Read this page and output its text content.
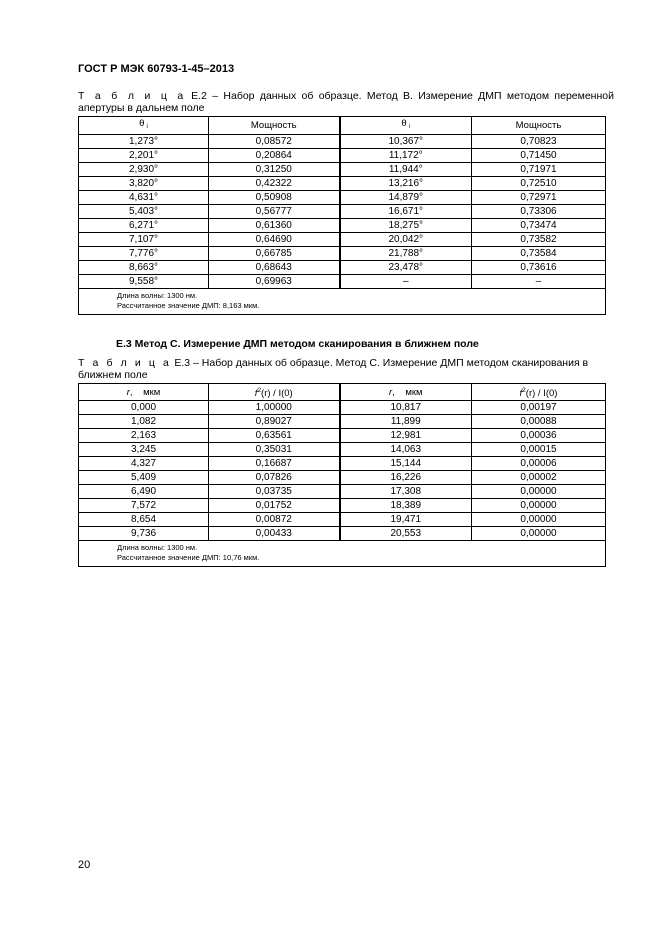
ГОСТ Р МЭК 60793-1-45–2013
Т а б л и ц а Е.2 – Набор данных об образце. Метод В. Измерение ДМП методом переменной апертуры в дальнем поле
θ $_i$	Мощность	θ $_i$	Мощность
1,273°	0,08572	10,367°	0,70823
2,201°	0,20864	11,172°	0,71450
2,930°	0,31250	11,944°	0,71971
3,820°	0,42322	13,216°	0,72510
4,631°	0,50908	14,879°	0,72971
5,403°	0,56777	16,671°	0,73306
6,271°	0,61360	18,275°	0,73474
7,107°	0,64690	20,042°	0,73582
7,776°	0,66785	21,788°	0,73584
8,663°	0,68643	23,478°	0,73616
9,558°	0,69963	–	–

Длина волны: 1300 нм.
Рассчитанное значение ДМП: 8,163 мкм.			
Е.3 Метод С. Измерение ДМП методом сканирования в ближнем поле
Т а б л и ц а Е.3 – Набор данных об образце. Метод С. Измерение ДМП методом сканирования в ближнем поле
r,    мкм	$f^2(r) / I(0)$	r,    мкм	$f^2(r) / I(0)$
0,000	1,00000	10,817	0,00197
1,082	0,89027	11,899	0,00088
2,163	0,63561	12,981	0,00036
3,245	0,35031	14,063	0,00015
4,327	0,16687	15,144	0,00006
5,409	0,07826	16,226	0,00002
6,490	0,03735	17,308	0,00000
7,572	0,01752	18,389	0,00000
8,654	0,00872	19,471	0,00000
9,736	0,00433	20,553	0,00000

Длина волны: 1300 нм.
Рассчитанное значение ДМП: 10,76 мкм.			
20
